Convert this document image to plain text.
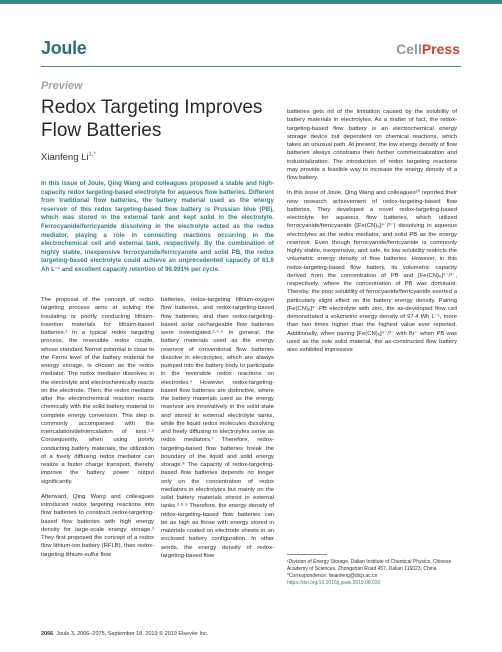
Joule	CellPress
Preview
Redox Targeting Improves Flow Batteries
Xianfeng $Li^{1,*}$
In this issue of Joule, Qing Wang and colleagues proposed a stable and high-capacity redox targeting-based electrolyte for aqueous flow batteries. Different from traditional flow batteries, the battery material used as the energy reservoir of this redox targeting-based flow battery is Prussian blue (PB), which was stored in the external tank and kept solid in the electrolyte. Ferrocyanide/ferricyanide dissolving in the electrolyte acted as the redox mediator, playing a role in connecting reactions occurring in the electrochemical cell and external tank, respectively. By the combination of highly stable, inexpensive ferrocyanide/ferricyanide and solid PB, the redox targeting-based electrolyte could achieve an unprecedented capacity of 61.6 Ah L⁻¹ and excellent capacity retention of 99.991% per cycle.

The proposal of the concept of redox targeting process aims at solving the insulating or poorly conducting lithium-insertion materials for lithium-based batteries.¹ In a typical redox targeting process, the reversible redox couple, whose standard Nernst potential is close to the Fermi level of the battery material for energy storage, is chosen as the redox mediator. The redox mediator dissolves in the electrolyte and electrochemically reacts on the electrode. Then, the redox mediator after the electrochemical reaction reacts chemically with the solid battery material to complete energy conversion. This step is commonly accompanied with the intercalation/deintercalation of ions.¹·² Consequently, when using poorly conducting battery materials, the utilization of a freely diffusing redox mediator can realize a faster charge transport, thereby improve the battery power output significantly.

Afterward, Qing Wang and colleagues introduced redox targeting reactions into flow batteries to construct redox-targeting-based flow batteries with high energy density for large-scale energy storage.³ They first proposed the concept of a redox flow lithium-ion battery (RFLB), then redox-targeting lithium-sulfur flow

batteries, redox-targeting lithium-oxygen flow batteries, and redox-targeting-based flow batteries, and then redox-targeting-based solar rechargeable flow batteries were investigated.²·⁴·⁵ In general, the battery materials used as the energy reservoir of conventional flow batteries dissolve in electrolytes, which are always pumped into the battery body to participate in the reversible redox reactions on electrodes.⁶ However, redox-targeting-based flow batteries are distinctive, where the battery materials used as the energy reservoir are innovatively in the solid state and stored in external electrolyte tanks, while the liquid redox molecules dissolving and freely diffusing in electrolytes serve as redox mediators.⁷ Therefore, redox-targeting-based flow batteries break the boundary of the liquid and solid energy storage.⁸ The capacity of redox-targeting-based flow batteries depends no longer only on the concentration of redox mediators in electrolytes but mainly on the solid battery materials stored in external tanks.³·⁸·⁹ Therefore, the energy density of redox-targeting-based flow batteries can be as high as those with energy stored in materials coated on electrode sheets in an enclosed battery configuration. In other words, the energy density of redox-targeting-based flow

batteries gets rid of the limitation caused by the solubility of battery materials in electrolytes. As a matter of fact, the redox-targeting-based flow battery is an electrochemical energy storage device but dependent on chemical reactions, which takes an unusual path. At present, the low energy density of flow batteries always constrains their further commercialization and industrialization. The introduction of redox targeting reactions may provide a feasible way to increase the energy density of a flow battery.

In this issue of Joule, Qing Wang and colleagues¹⁰ reported their new research achievement of redox-targeting-based flow batteries. They developed a novel redox-targeting-based electrolyte for aqueous flow batteries, which utilized ferrocyanide/ferricyanide ([Fe(CN)₆]⁴⁻/³⁻) dissolving in aqueous electrolytes as the redox mediator, and solid PB as the energy reservoir. Even though ferrocyanide/ferricyanide is commonly highly stable, inexpensive, and safe, its low solubility restricts the volumetric energy density of flow batteries. However, in this redox-targeting-based flow battery, its volumetric capacity derived from the concentration of PB and [Fe(CN)₆]⁴⁻/³⁻, respectively, where the concentration of PB was dominant. Thereby, the poor solubility of ferrocyanide/ferricyanide exerted a particularly slight effect on the battery energy density. Pairing [Fe(CN)₆]³⁻-PB electrolyte with zinc, the as-developed flow cell demonstrated a volumetric energy density of 97.4 Wh L⁻¹, more than two times higher than the highest value ever reported. Additionally, when pairing [Fe(CN)₆]⁴⁻/³⁻ with Br⁻ when PB was used as the sole solid material, the as-constructed flow battery also exhibited impressive

¹Division of Energy Storage, Dalian Institute of Chemical Physics, Chinese Academy of Sciences, Zhongshan Road 457, Dalian 116023, China
*Correspondence: lixianfeng@dicp.ac.cn
https://doi.org/10.1016/j.joule.2019.08.020
2066 Joule 3, 2066–2075, September 18, 2019 © 2019 Elsevier Inc.
